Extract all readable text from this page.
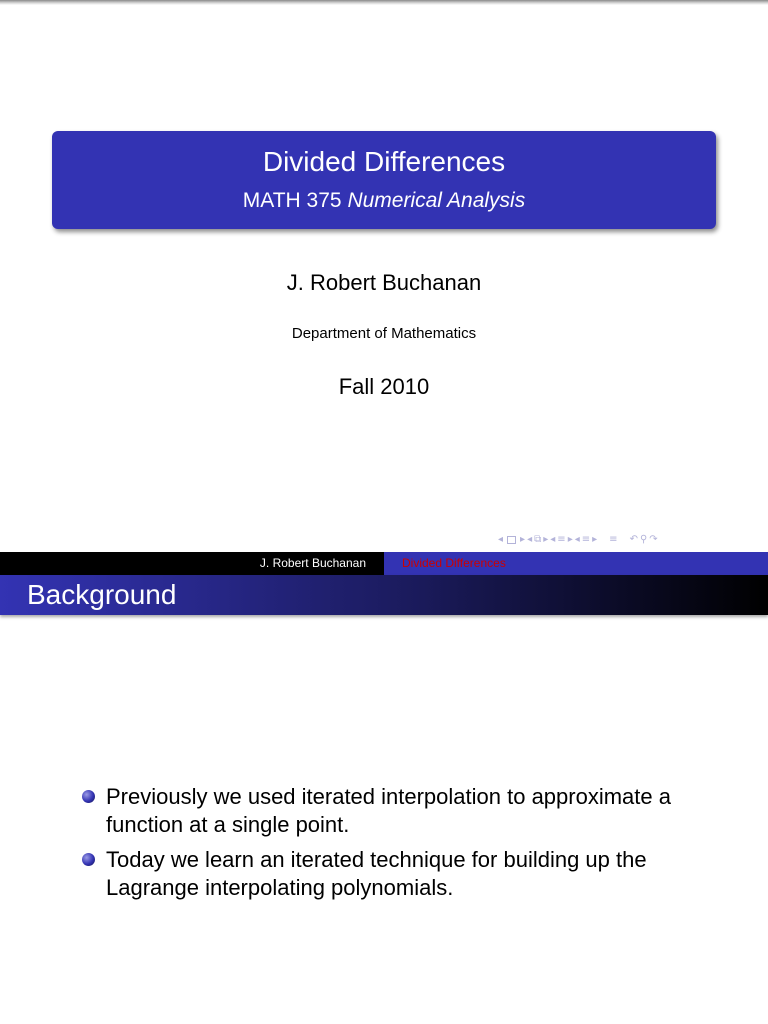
Divided Differences
MATH 375 Numerical Analysis
J. Robert Buchanan
Department of Mathematics
Fall 2010
◂ ▸ ◂ ⧉ ▸ ◂ ≡ ▸ ◂ ≡ ▸ ≡ ↶ ⚲ ↷
J. Robert Buchanan	Divided Differences
Background
Previously we used iterated interpolation to approximate a function at a single point.
Today we learn an iterated technique for building up the Lagrange interpolating polynomials.
